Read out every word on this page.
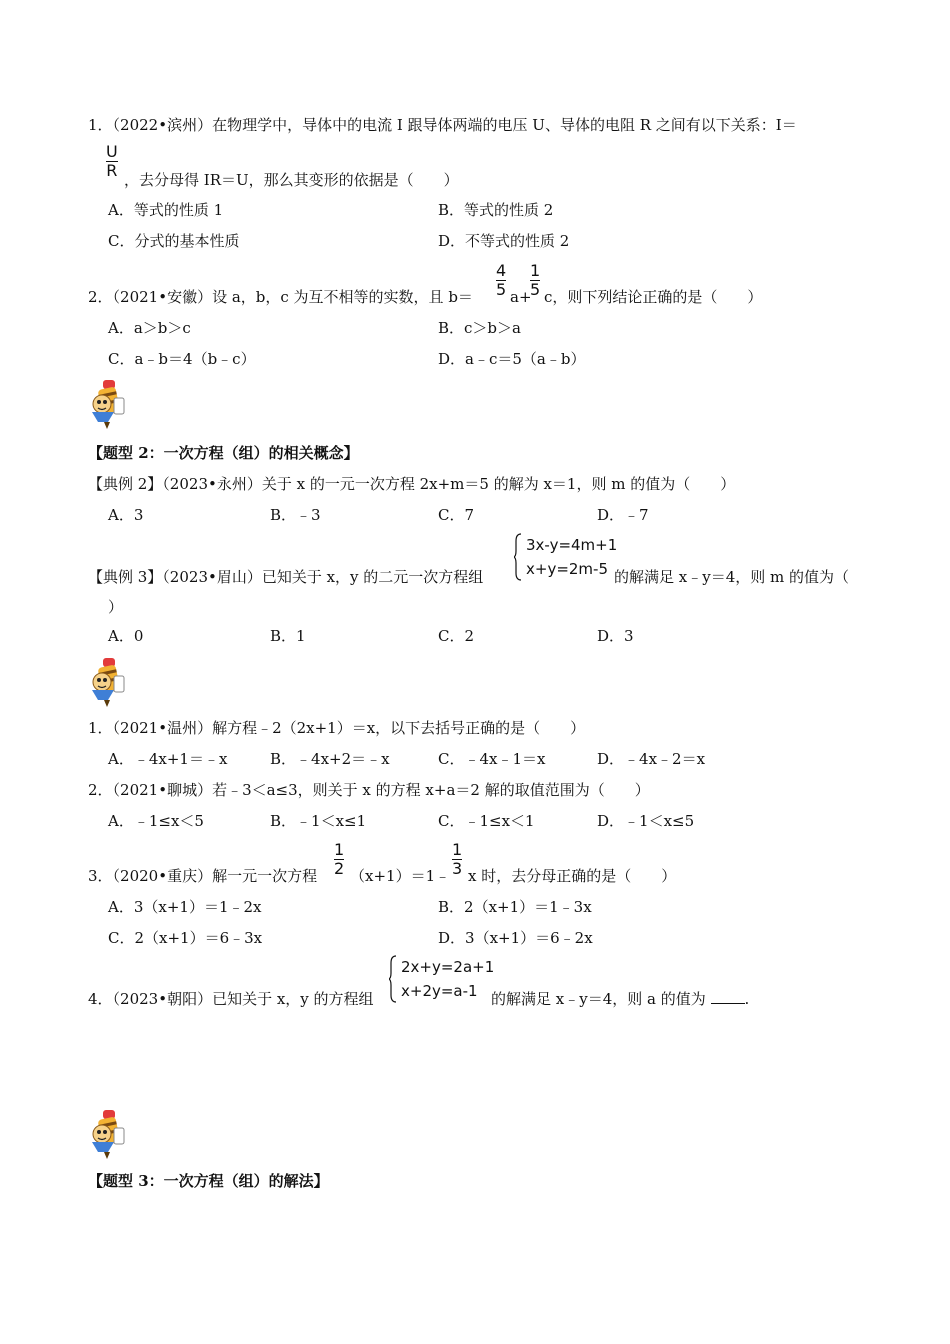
1．（2022•滨州）在物理学中，导体中的电流 I 跟导体两端的电压 U、导体的电阻 R 之间有以下关系：I＝
$\frac{U}{R}$ ，去分母得 IR＝U，那么其变形的依据是（　　）
A．等式的性质 1	B．等式的性质 2
C．分式的基本性质	D．不等式的性质 2
2．（2021•安徽）设 a，b，c 为互不相等的实数，且 $b= \frac{4}{5} a+$
$\frac{1}{5}$ c，则下列结论正确的是（　　）
A．a＞b＞c	B．c＞b＞a
C．a﹣b＝4（b﹣c）	D．a﹣c＝5（a﹣b）
【题型 2：一次方程（组）的相关概念】
【典例 2】（2023•永州）关于 x 的一元一次方程 2x+m＝5 的解为 x＝1，则 m 的值为（　　）
A．3	B．﹣3	C．7	D．﹣7
【典例 3】（2023•眉山）已知关于 x，y 的二元一次方程组
3x-y=4m+1
x+y=2m-5 的解满足 x﹣y＝4，则 m 的值为（
）
A．0	B．1	C．2	D．3
1．（2021•温州）解方程﹣2（2x+1）＝x，以下去括号正确的是（　　）
A．﹣4x+1＝﹣x	B．﹣4x+2＝﹣x	C．﹣4x﹣1＝x	D．﹣4x﹣2＝x
2．（2021•聊城）若﹣3＜a≤3，则关于 x 的方程 x+a＝2 解的取值范围为（　　）
A．﹣1≤x＜5	B．﹣1＜x≤1	C．﹣1≤x＜1	D．﹣1＜x≤5
3．（2020•重庆）解一元一次方程 $\frac{1}{2}$ （x+1）＝1﹣ $\frac{1}{3}$ x 时，去分母正确的是（　　）
A．3（x+1）＝1﹣2x	B．2（x+1）＝1﹣3x
C．2（x+1）＝6﹣3x	D．3（x+1）＝6﹣2x
4．（2023•朝阳）已知关于 x，y 的方程组
2x+y=2a+1
x+2y=a-1 的解满足 x﹣y＝4，则 a 的值为	.
【题型 3：一次方程（组）的解法】
